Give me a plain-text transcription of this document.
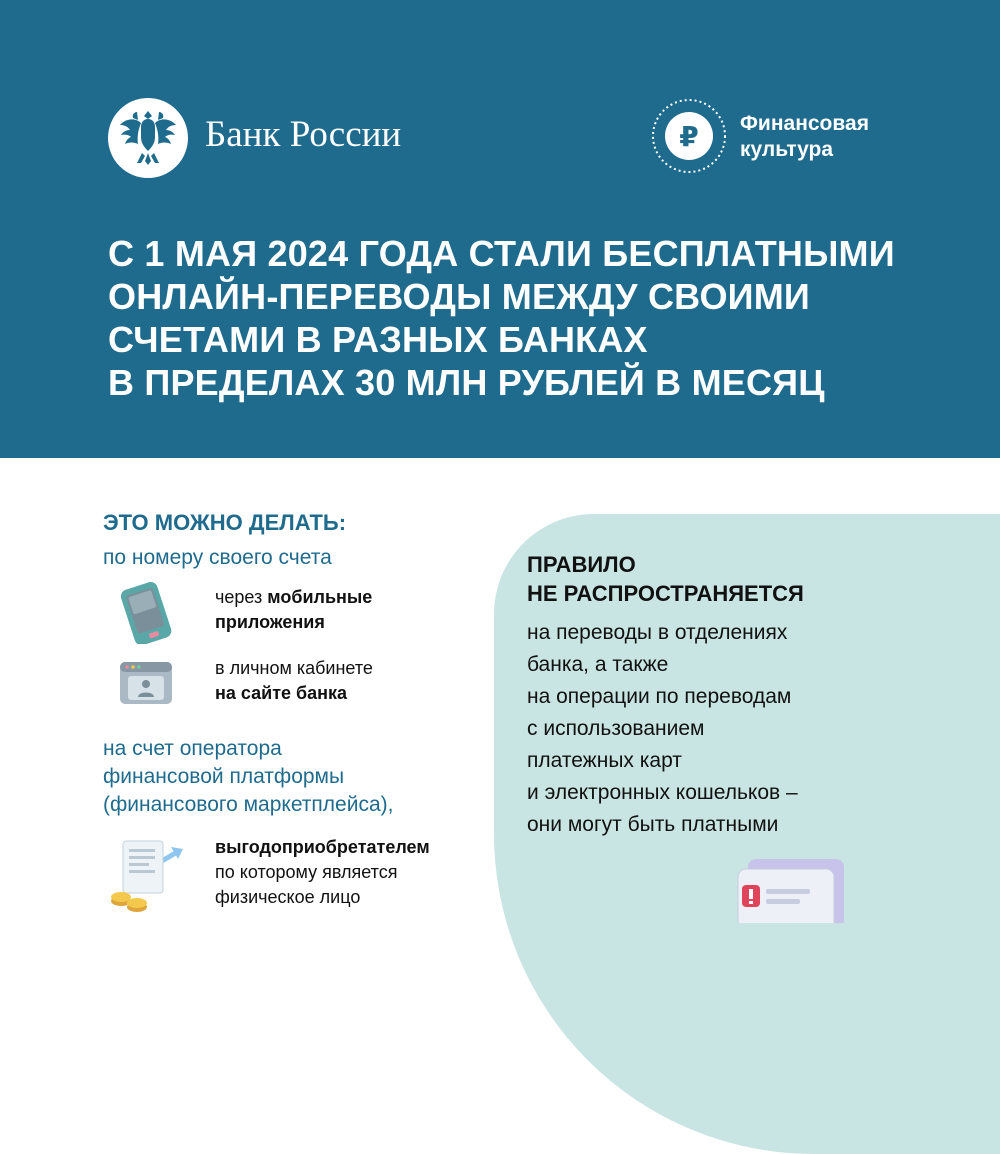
Банк России	₽ Финансовая
культура
С 1 МАЯ 2024 ГОДА СТАЛИ БЕСПЛАТНЫМИ
ОНЛАЙН-ПЕРЕВОДЫ МЕЖДУ СВОИМИ
СЧЕТАМИ В РАЗНЫХ БАНКАХ
В ПРЕДЕЛАХ 30 МЛН РУБЛЕЙ В МЕСЯЦ
ЭТО МОЖНО ДЕЛАТЬ:
по номеру своего счета
через мобильные
приложения
в личном кабинете
на сайте банка
на счет оператора
финансовой платформы
(финансового маркетплейса),
выгодоприобретателем
по которому является
физическое лицо
ПРАВИЛО
НЕ РАСПРОСТРАНЯЕТСЯ
на переводы в отделениях
банка, а также
на операции по переводам
с использованием
платежных карт
и электронных кошельков –
они могут быть платными
